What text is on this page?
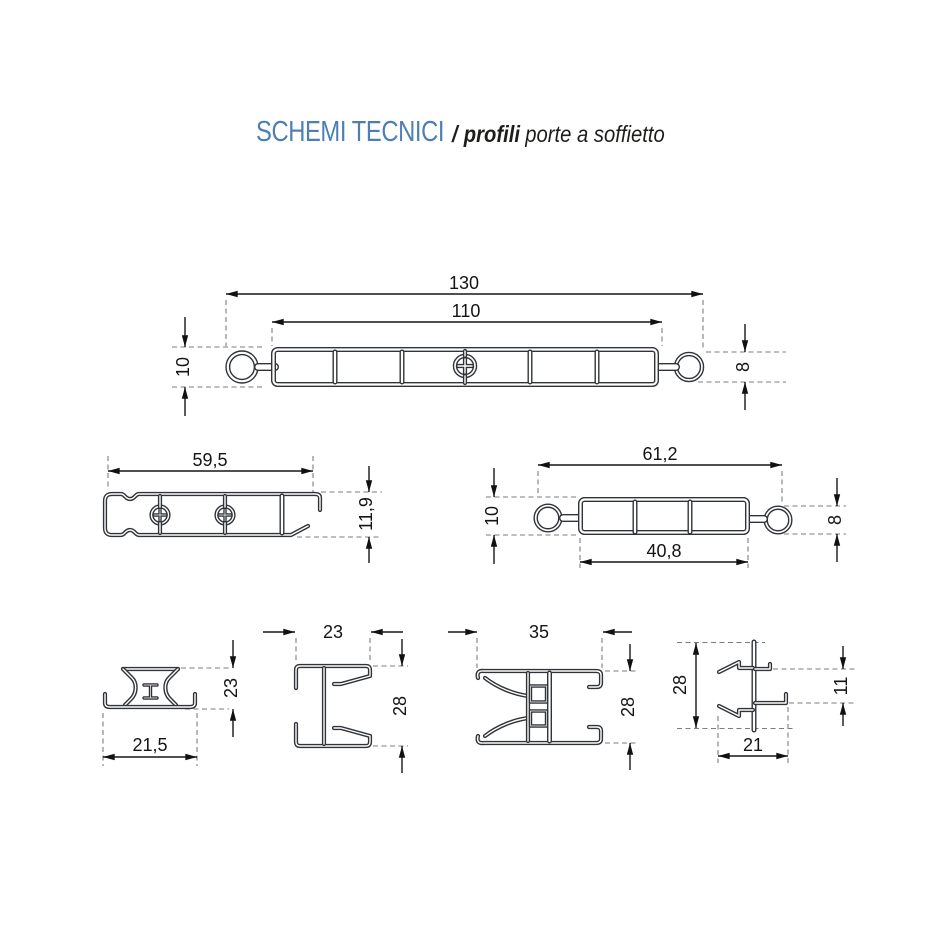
SCHEMI TECNICI / profili porte a soffietto
130
110
10	8
59,5
11,9
61,2
40,8
10	8
23
21,5
23
28
35
28
28	11
21
